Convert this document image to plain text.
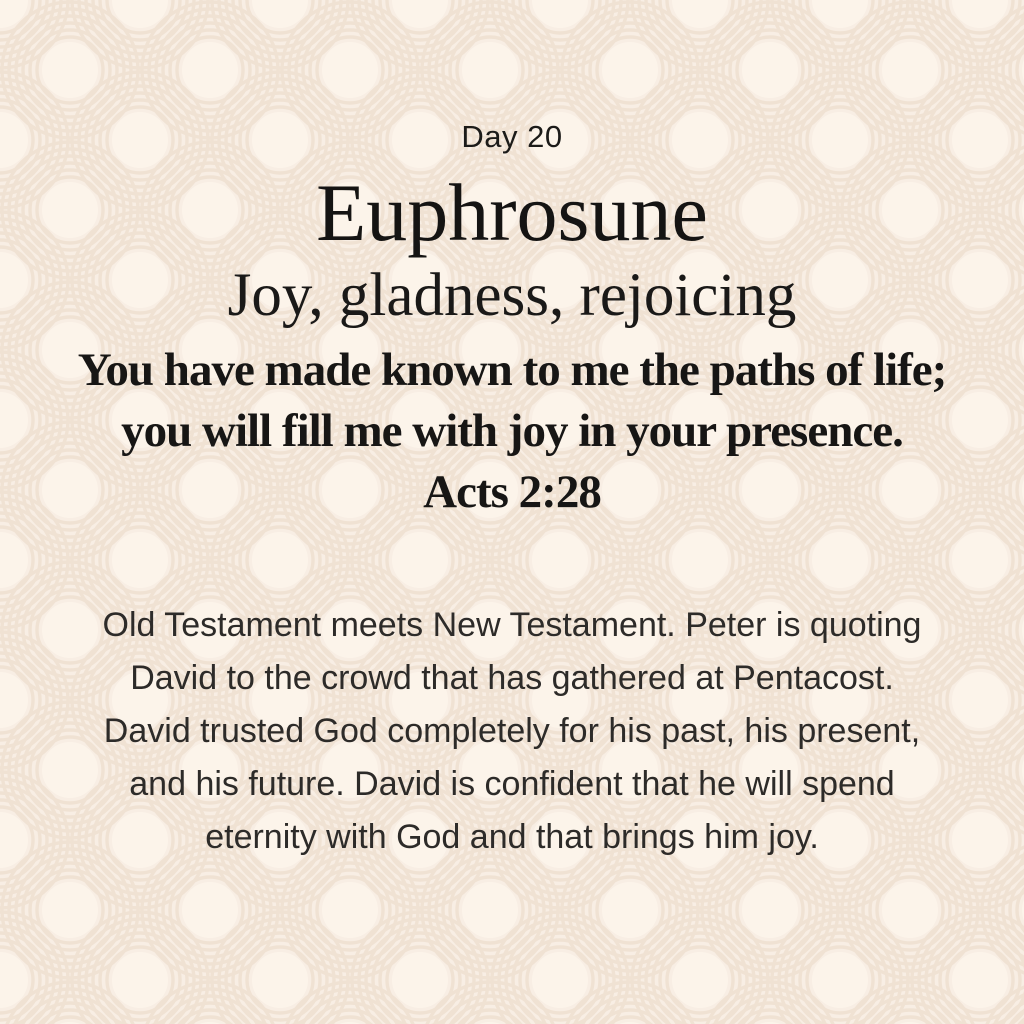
Day 20
Euphrosune
Joy, gladness, rejoicing
You have made known to me the paths of life; you will fill me with joy in your presence. Acts 2:28
Old Testament meets New Testament. Peter is quoting David to the crowd that has gathered at Pentacost. David trusted God completely for his past, his present, and his future. David is confident that he will spend eternity with God and that brings him joy.
